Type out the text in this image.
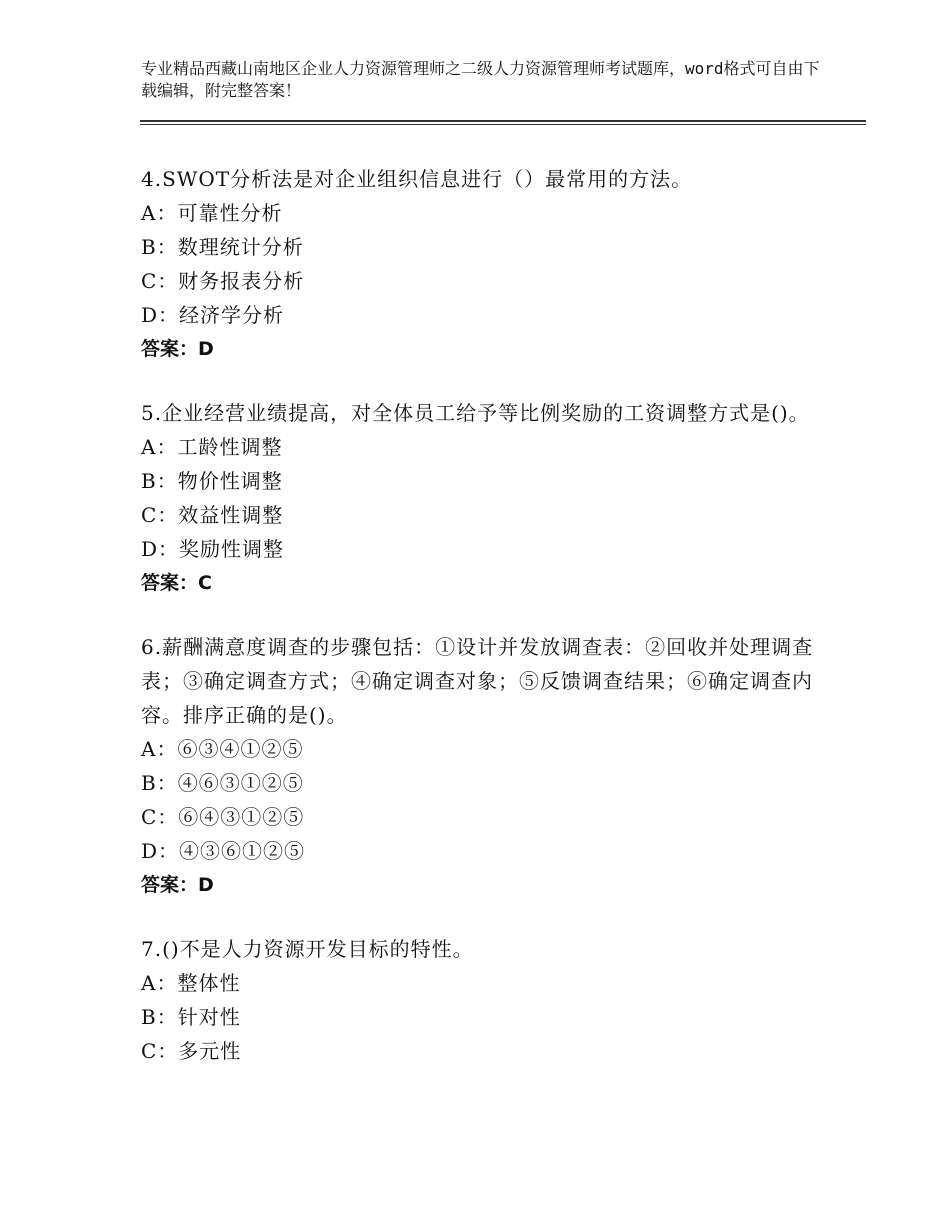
专业精品西藏山南地区企业人力资源管理师之二级人力资源管理师考试题库，word格式可自由下载编辑，附完整答案！
4.SWOT分析法是对企业组织信息进行（）最常用的方法。
A：可靠性分析
B：数理统计分析
C：财务报表分析
D：经济学分析
答案：D
5.企业经营业绩提高，对全体员工给予等比例奖励的工资调整方式是()。
A：工龄性调整
B：物价性调整
C：效益性调整
D：奖励性调整
答案：C
6.薪酬满意度调查的步骤包括：①设计并发放调查表：②回收并处理调查表；③确定调查方式；④确定调查对象；⑤反馈调查结果；⑥确定调查内容。排序正确的是()。
A：⑥③④①②⑤
B：④⑥③①②⑤
C：⑥④③①②⑤
D：④③⑥①②⑤
答案：D
7.()不是人力资源开发目标的特性。
A：整体性
B：针对性
C：多元性
